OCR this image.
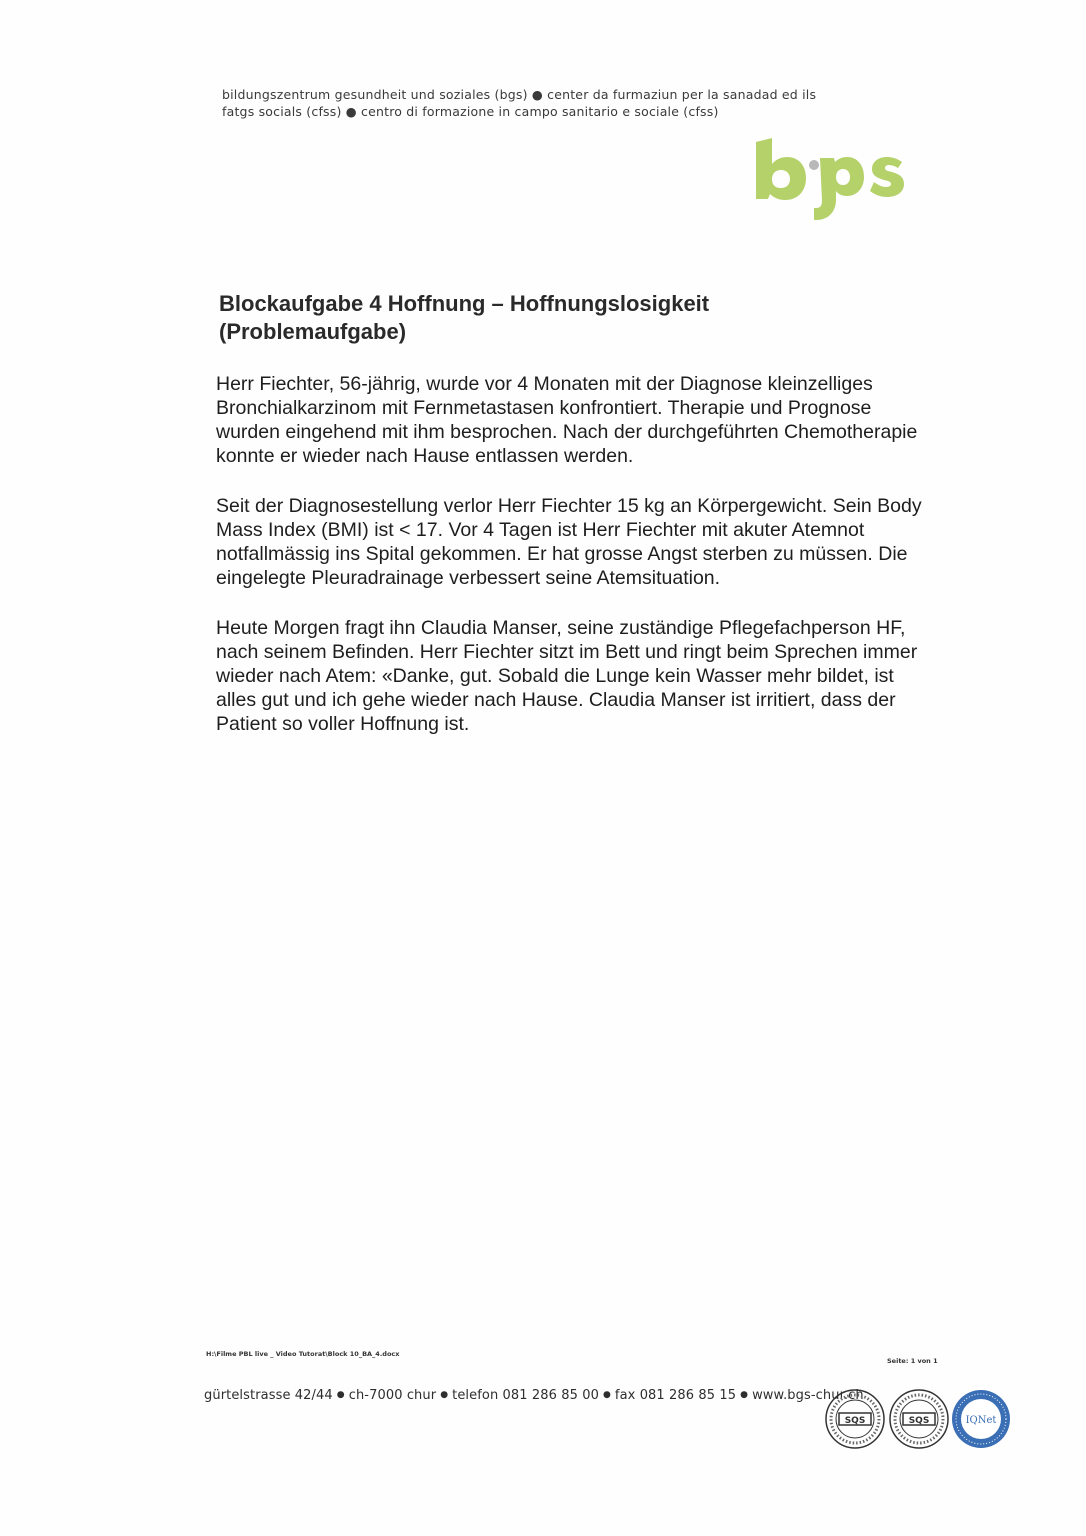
bildungszentrum gesundheit und soziales (bgs) ● center da furmaziun per la sanadad ed ils
fatgs socials (cfss) ● centro di formazione in campo sanitario e sociale (cfss)
Blockaufgabe 4 Hoffnung – Hoffnungslosigkeit
(Problemaufgabe)

Herr Fiechter, 56-jährig, wurde vor 4 Monaten mit der Diagnose kleinzelliges Bronchialkarzinom mit Fernmetastasen konfrontiert. Therapie und Prognose wurden eingehend mit ihm besprochen. Nach der durchgeführten Chemotherapie konnte er wieder nach Hause entlassen werden.

Seit der Diagnosestellung verlor Herr Fiechter 15 kg an Körpergewicht. Sein Body Mass Index (BMI) ist < 17. Vor 4 Tagen ist Herr Fiechter mit akuter Atemnot notfallmässig ins Spital gekommen. Er hat grosse Angst sterben zu müssen. Die eingelegte Pleuradrainage verbessert seine Atemsituation.

Heute Morgen fragt ihn Claudia Manser, seine zuständige Pflegefachperson HF, nach seinem Befinden. Herr Fiechter sitzt im Bett und ringt beim Sprechen immer wieder nach Atem: «Danke, gut. Sobald die Lunge kein Wasser mehr bildet, ist alles gut und ich gehe wieder nach Hause. Claudia Manser ist irritiert, dass der Patient so voller Hoffnung ist.

H:\Filme PBL live _ Video Tutorat\Block 10_BA_4.docx
Seite: 1 von 1
gürtelstrasse 42/44 ● ch-7000 chur ● telefon 081 286 85 00 ● fax 081 286 85 15 ● www.bgs-chur.ch
SQS	SQS	IQNet
